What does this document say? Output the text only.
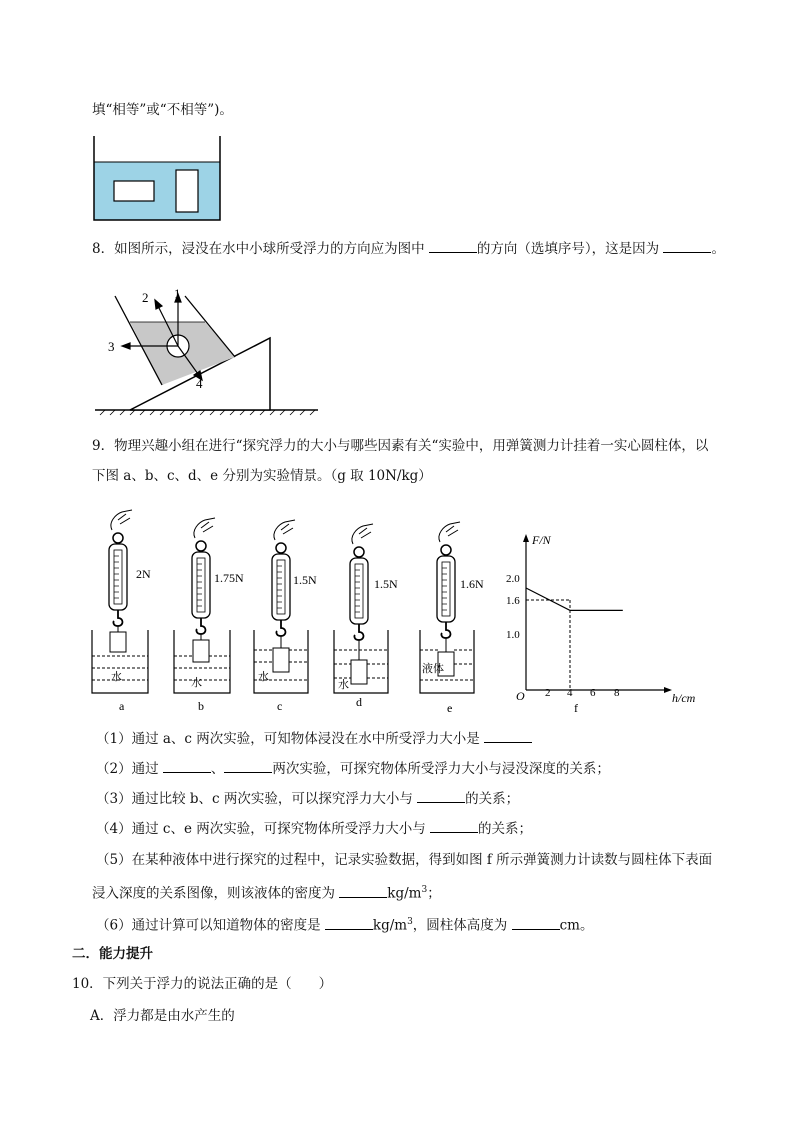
填“相等”或“不相等”)。
8．如图所示，浸没在水中小球所受浮力的方向应为图中	的方向（选填序号），这是因为	。
1
2
3
4
9．物理兴趣小组在进行“探究浮力的大小与哪些因素有关“实验中，用弹簧测力计挂着一实心圆柱体，以
下图 a、b、c、d、e 分别为实验情景。（g 取 10N/kg）
2N
水
a
1.75N
水
b
1.5N
水
c
1.5N
水
d
1.6N
液体
e
F/N
h/cm
O
2.0
1.6
1.0
2 4 6 8
f
（1）通过 a、c 两次实验，可知物体浸没在水中所受浮力大小是
（2）通过	、	两次实验，可探究物体所受浮力大小与浸没深度的关系；
（3）通过比较 b、c 两次实验，可以探究浮力大小与	的关系；
（4）通过 c、e 两次实验，可探究物体所受浮力大小与	的关系；
（5）在某种液体中进行探究的过程中，记录实验数据，得到如图 f 所示弹簧测力计读数与圆柱体下表面
浸入深度的关系图像，则该液体的密度为	$kg/m^3$；
（6）通过计算可以知道物体的密度是	$kg/m^3$，圆柱体高度为	cm。
二．能力提升
10．下列关于浮力的说法正确的是（　　）
A．浮力都是由水产生的
